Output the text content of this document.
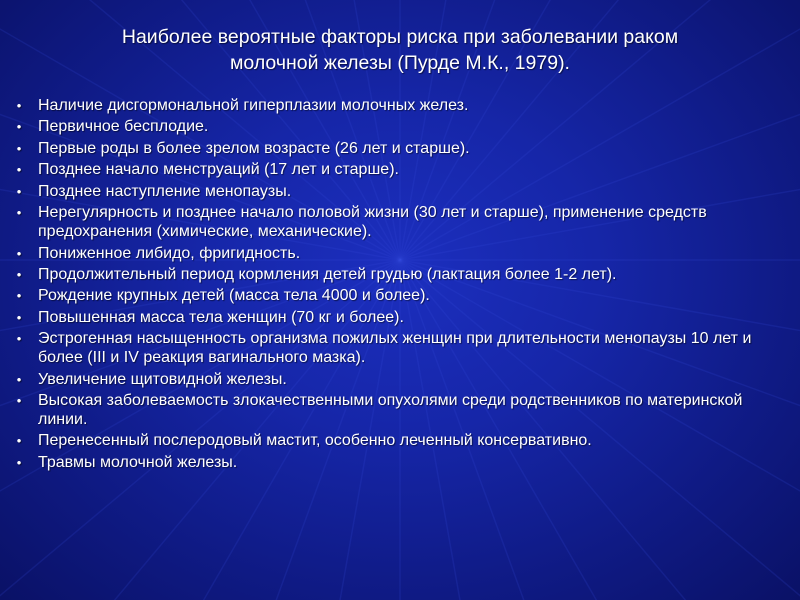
Наиболее вероятные факторы риска при заболевании раком
молочной железы (Пурде М.К., 1979).
• Наличие дисгормональной гиперплазии молочных желез.
• Первичное бесплодие.
• Первые роды в более зрелом возрасте (26 лет и старше).
• Позднее начало менструаций (17 лет и старше).
• Позднее наступление менопаузы.
• Нерегулярность и позднее начало половой жизни (30 лет и старше), применение средств предохранения (химические, механические).
• Пониженное либидо, фригидность.
• Продолжительный период кормления детей грудью (лактация более 1-2 лет).
• Рождение крупных детей (масса тела 4000 и более).
• Повышенная масса тела женщин (70 кг и более).
• Эстрогенная насыщенность организма пожилых женщин при длительности менопаузы 10 лет и более (III и IV реакция вагинального мазка).
• Увеличение щитовидной железы.
• Высокая заболеваемость злокачественными опухолями среди родственников по материнской линии.
• Перенесенный послеродовый мастит, особенно леченный консервативно.
• Травмы молочной железы.
